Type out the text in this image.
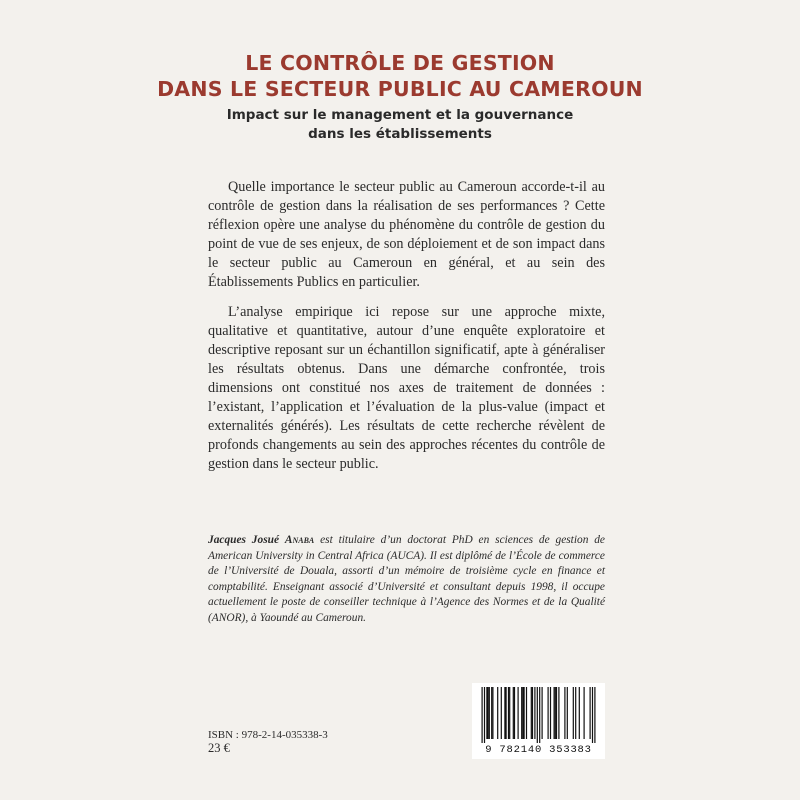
LE CONTRÔLE DE GESTION
DANS LE SECTEUR PUBLIC AU CAMEROUN
Impact sur le management et la gouvernance
dans les établissements

Quelle importance le secteur public au Cameroun accorde-t-il au contrôle de gestion dans la réalisation de ses performances ? Cette réflexion opère une analyse du phénomène du contrôle de gestion du point de vue de ses enjeux, de son déploiement et de son impact dans le secteur public au Cameroun en général, et au sein des Établissements Publics en particulier.

L’analyse empirique ici repose sur une approche mixte, qualitative et quantitative, autour d’une enquête exploratoire et descriptive reposant sur un échantillon significatif, apte à généraliser les résultats obtenus. Dans une démarche confrontée, trois dimensions ont constitué nos axes de traitement de données : l’existant, l’application et l’évaluation de la plus-value (impact et externalités générés). Les résultats de cette recherche révèlent de profonds changements au sein des approches récentes du contrôle de gestion dans le secteur public.

Jacques Josué Anaba est titulaire d’un doctorat PhD en sciences de gestion de American University in Central Africa (AUCA). Il est diplômé de l’École de commerce de l’Université de Douala, assorti d’un mémoire de troisième cycle en finance et comptabilité. Enseignant associé d’Université et consultant depuis 1998, il occupe actuellement le poste de conseiller technique à l’Agence des Normes et de la Qualité (ANOR), à Yaoundé au Cameroun.
ISBN : 978-2-14-035338-3
23 €	9 782140 353383
